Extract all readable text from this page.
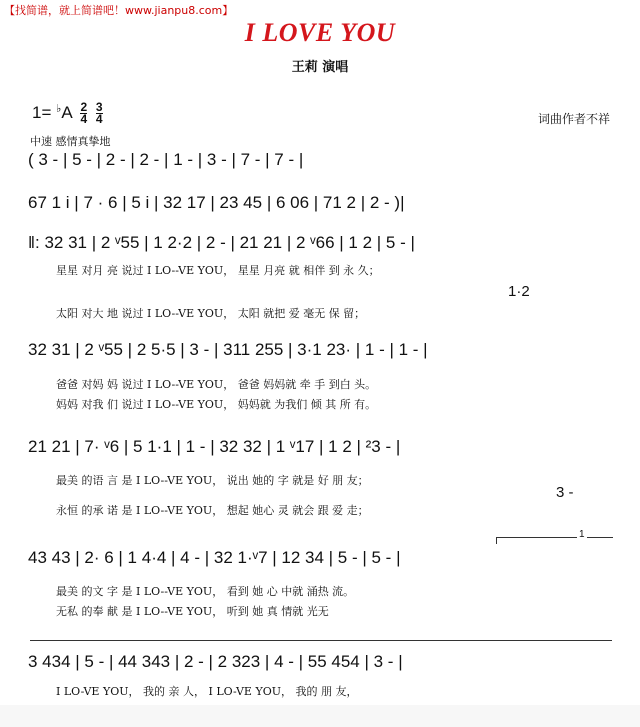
【找简谱，就上简谱吧！www.jianpu8.com】
I LOVE YOU
王莉 演唱
$1= ^♭A \frac{2}{4}$
$\frac{3}{4}$	词曲作者不祥
中速 感情真挚地
( 3 - | 5 - | 2 - | 2 - | 1 - | 3 - | 7 - | 7 - |
67 1 i | 7 · 6 | 5 i | 32 17 | 23 45 | 6 06 | 71 2 | 2 - )|
‖: 32 31 | 2 ᵛ55 | 1 2·2 | 2 - | 21 21 | 2 ᵛ66 | 1 2 | 5 - |
星星 对月 亮 说过 I LO--VE YOU， 星星 月亮 就 相伴 到 永 久；
1·2
太阳 对大 地 说过 I LO--VE YOU， 太阳 就把 爱 毫无 保 留；
32 31 | 2 ᵛ55 | 2 5·5 | 3 - | 311 255 | 3·1 23· | 1 - | 1 - |
爸爸 对妈 妈 说过 I LO--VE YOU， 爸爸 妈妈就 牵 手 到白 头。
妈妈 对我 们 说过 I LO--VE YOU， 妈妈就 为我们 倾 其 所 有。
21 21 | 7· ᵛ6 | 5 1·1 | 1 - | 32 32 | 1 ᵛ17 | 1 2 | ²3 - |
最美 的语 言 是 I LO--VE YOU， 说出 她的 字 就是 好 朋 友；
3 -
永恒 的承 诺 是 I LO--VE YOU， 想起 她心 灵 就会 跟 爱 走；
1
43 43 | 2· 6 | 1 4·4 | 4 - | 32 1·ᵛ7 | 12 34 | 5 - | 5 - |
最美 的文 字 是 I LO--VE YOU， 看到 她 心 中就 涌热 流。
无私 的奉 献 是 I LO--VE YOU， 听到 她 真 情就 光无
3 434 | 5 - | 44 343 | 2 - | 2 323 | 4 - | 55 454 | 3 - |
I LO-VE YOU， 我的 亲 人， I LO-VE YOU， 我的 朋 友，
